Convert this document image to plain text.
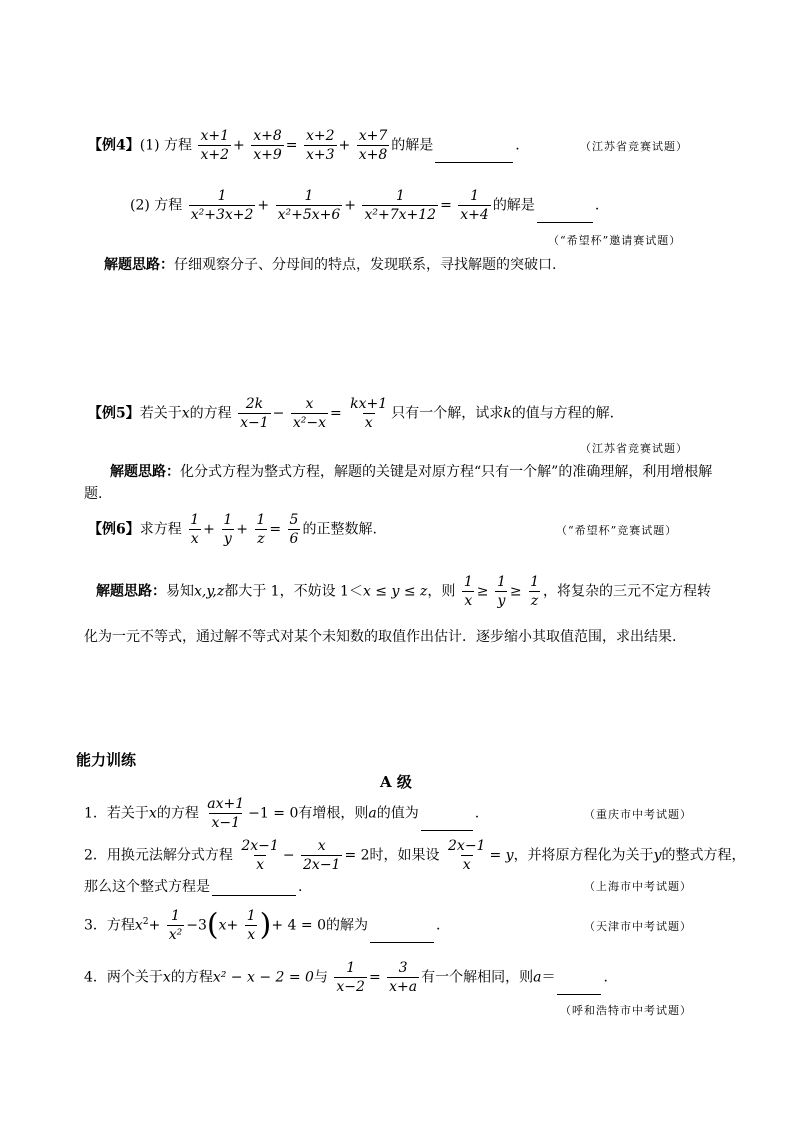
【例4】(1) 方程 $\frac{x+1}{x+2} + \frac{x+8}{x+9} = \frac{x+2}{x+3} + \frac{x+7}{x+8}$ 的解是	.	（江苏省竞赛试题）
(2) 方程 $\frac{1}{\text{x²+3x+2}} + \frac{1}{\text{x²+5x+6}} + \frac{1}{\text{x²+7x+12}} = \frac{1}{x+4}$ 的解是	.
（“希望杯”邀请赛试题）
解题思路：仔细观察分子、分母间的特点，发现联系，寻找解题的突破口.
【例5】若关于x的方程 $\frac{2k}{x-1} - \frac{x}{\text{x²−x}} = \frac{kx+1}{x}$ 只有一个解，试求k的值与方程的解.
（江苏省竞赛试题）
解题思路：化分式方程为整式方程，解题的关键是对原方程“只有一个解”的准确理解，利用增根解
题.
【例6】求方程 $\frac{1}{x} + \frac{1}{y} + \frac{1}{z} = \frac{5}{6}$ 的正整数解.	（“希望杯”竞赛试题）
解题思路：易知x,y,z都大于 1，不妨设 1＜x ≤ y ≤ z，则 $\frac{1}{x} \ge \frac{1}{y} \ge \frac{1}{z}$ ，将复杂的三元不定方程转
化为一元不等式，通过解不等式对某个未知数的取值作出估计．逐步缩小其取值范围，求出结果.
能力训练
A 级
1．若关于x的方程 $\frac{ax+1}{x-1} -1 = 0$有增根，则a的值为	.	（重庆市中考试题）
2．用换元法解分式方程 $\frac{2x-1}{x} - \frac{x}{2x-1} = 2$时，如果设 $\frac{2x-1}{x} = y$，并将原方程化为关于y的整式方程，
那么这个整式方程是	.	（上海市中考试题）
3．方程$x^2+ \frac{1}{\text{x²}} -3(x+ \frac{1}{x}$ )+ 4 = 0的解为	.	（天津市中考试题）
4．两个关于x的方程x² − x − 2 = 0与 $\frac{1}{x-2} = \frac{3}{x+a}$ 有一个解相同，则a＝	.
（呼和浩特市中考试题）
